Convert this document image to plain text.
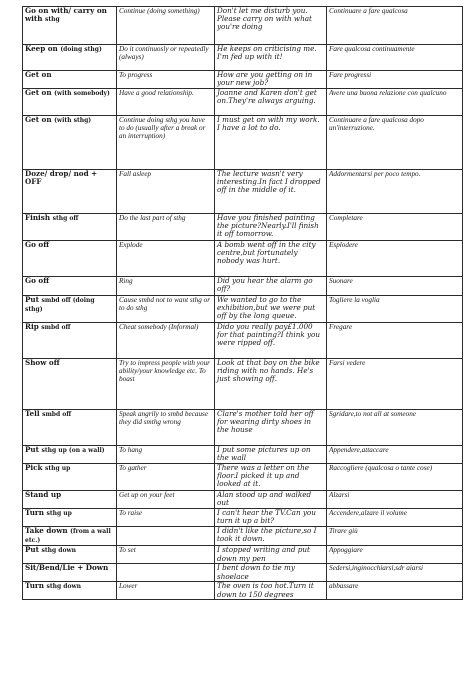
Go on with/ carry on with sthg	Continue (doing something)	Don't let me disturb you. Please carry on with what you're doing	Continuare a fare qualcosa
Keep on (doing sthg)	Do it continuosly or repeatedly (always)	He keeps on criticising me. I'm fed up with it!	Fare qualcosa continuamente
Get on	To progress	How are you getting on in your new job?	Fare progressi
Get on (with somebody)	Have a good relationship.	Joanne and Karen don't get on.They're always arguing.	Avere una buona relazione con qualcuno
Get on (with sthg)	Continue doing sthg you have to do (usually after a break or an interruption)	I must get on with my work. I have a lot to do.	Continuare a fare qualcosa dopo un'interruzione.
Doze/ drop/ nod + OFF	Fall asleep	The lecture wasn't very interesting.In fact I dropped off in the middle of it.	Addormentarsi per poco tempo.
Finish sthg off	Do the last part of sthg	Have you finished painting the picture?Nearly.I'll finish it off tomorrow.	Completare
Go off	Explode	A bomb went off in the city centre,but fortunately nobody was hurt.	Esplodere
Go off	Ring	Did you hear the alarm go off?	Suonare
Put smbd off (doing sthg)	Cause smbd not to want sthg or to do sthg	We wanted to go to the exhibition,but we were put off by the long queue.	Togliere la voglia
Rip smbd off	Cheat somebody (Informal)	Dido you really pay£1.000 for that painting?I think you were ripped off.	Fregare
Show off	Try to impress people with your ability/your knowledge etc. To boast	Look at that boy on the bike riding with no hands. He's just showing off.	Farsi vedere
Tell smbd off	Speak angrily to smbd because they did smthg wrong	Clare's mother told her off for wearing dirty shoes in the house	Sgridare,to not all at someone
Put sthg up (on a wall)	To hang	I put some pictures up on the wall	Appendere,attaccare
Pick sthg up	To gather	There was a letter on the floor.I picked it up and looked at it.	Raccogliere (qualcosa o tante cose)
Stand up	Get up on your feet	Alan stood up and walked out	Alzarsi
Turn sthg up	To raise	I can't hear the TV.Can you turn it up a bit?	Accendere,alzare il volume
Take down (from a wall etc.)		I didn't like the picture,so I took it down.	Tirare giù
Put sthg down	To set	I stopped writing and put down my pen	Appoggiare
Sit/Bend/Lie + Down		I bent down to tie my shoelace	Sedersi,inginocchiarsi,sdr aiarsi
Turn sthg down	Lower	The oven is too hot.Turn it down to 150 degrees	abbassare
